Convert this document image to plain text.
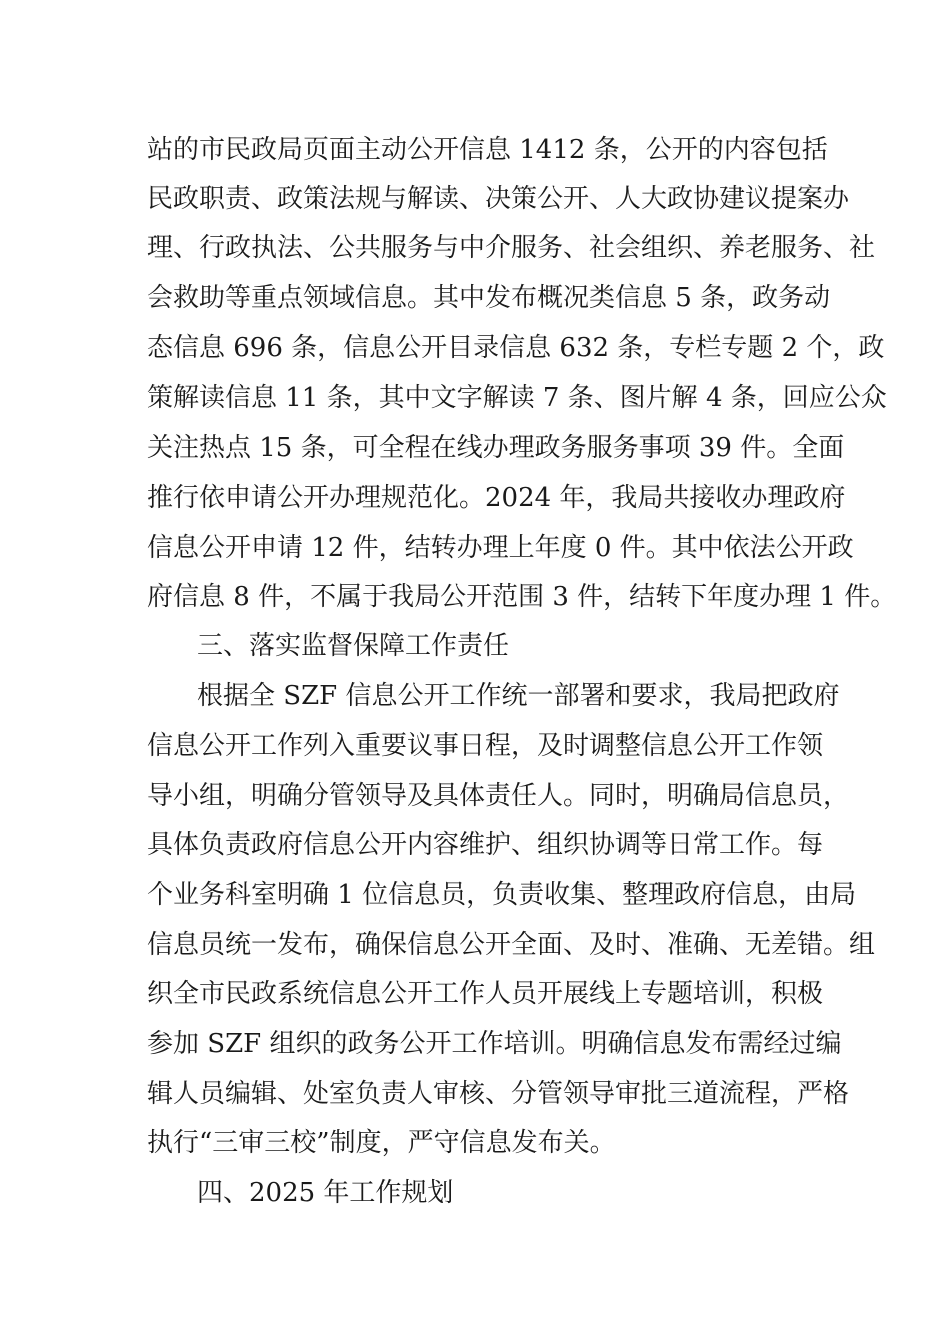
站的市民政局页面主动公开信息 1412 条，公开的内容包括
民政职责、政策法规与解读、决策公开、人大政协建议提案办
理、行政执法、公共服务与中介服务、社会组织、养老服务、社
会救助等重点领域信息。其中发布概况类信息 5 条，政务动
态信息 696 条，信息公开目录信息 632 条，专栏专题 2 个，政
策解读信息 11 条，其中文字解读 7 条、图片解 4 条，回应公众
关注热点 15 条，可全程在线办理政务服务事项 39 件。全面
推行依申请公开办理规范化。2024 年，我局共接收办理政府
信息公开申请 12 件，结转办理上年度 0 件。其中依法公开政
府信息 8 件，不属于我局公开范围 3 件，结转下年度办理 1 件。
三、落实监督保障工作责任
根据全 SZF 信息公开工作统一部署和要求，我局把政府
信息公开工作列入重要议事日程，及时调整信息公开工作领
导小组，明确分管领导及具体责任人。同时，明确局信息员，
具体负责政府信息公开内容维护、组织协调等日常工作。每
个业务科室明确 1 位信息员，负责收集、整理政府信息，由局
信息员统一发布，确保信息公开全面、及时、准确、无差错。组
织全市民政系统信息公开工作人员开展线上专题培训，积极
参加 SZF 组织的政务公开工作培训。明确信息发布需经过编
辑人员编辑、处室负责人审核、分管领导审批三道流程，严格
执行“三审三校”制度，严守信息发布关。
四、2025 年工作规划
